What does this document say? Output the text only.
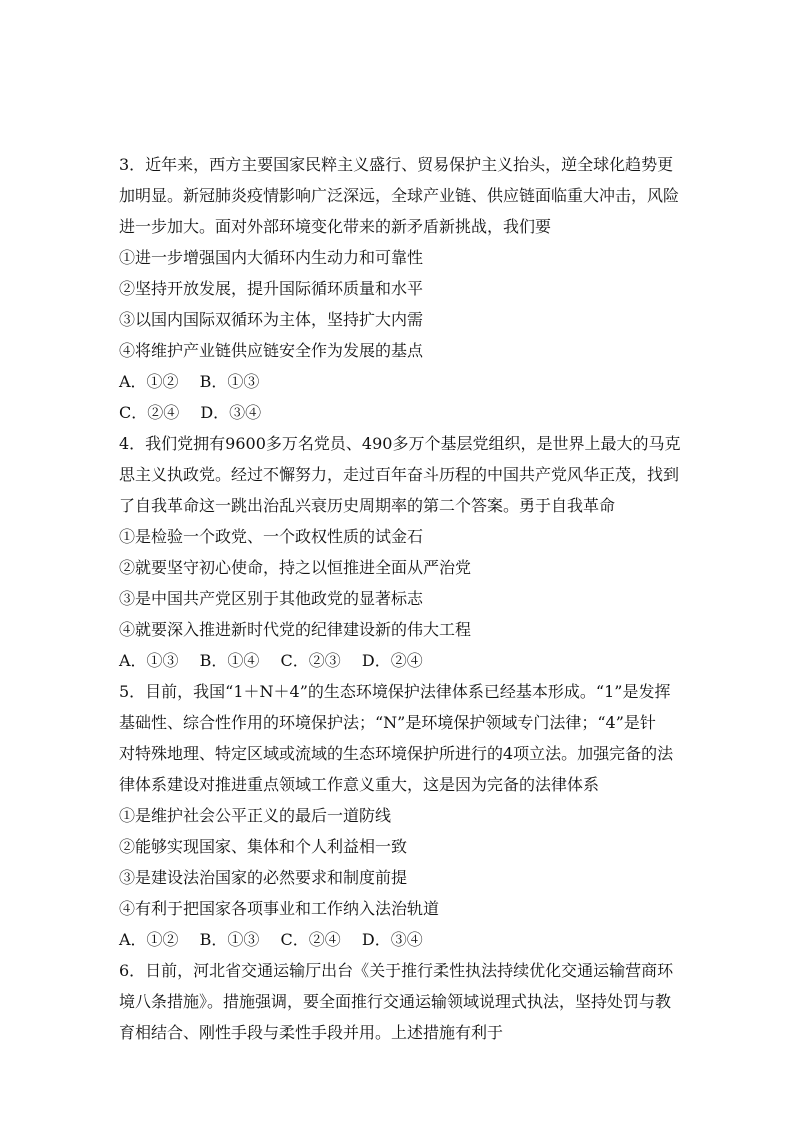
3．近年来，西方主要国家民粹主义盛行、贸易保护主义抬头，逆全球化趋势更
加明显。新冠肺炎疫情影响广泛深远，全球产业链、供应链面临重大冲击，风险
进一步加大。面对外部环境变化带来的新矛盾新挑战，我们要
①进一步增强国内大循环内生动力和可靠性
②坚持开放发展，提升国际循环质量和水平
③以国内国际双循环为主体，坚持扩大内需
④将维护产业链供应链安全作为发展的基点
A．①② B．①③
C．②④ D．③④
4．我们党拥有9600多万名党员、490多万个基层党组织，是世界上最大的马克
思主义执政党。经过不懈努力，走过百年奋斗历程的中国共产党风华正茂，找到
了自我革命这一跳出治乱兴衰历史周期率的第二个答案。勇于自我革命
①是检验一个政党、一个政权性质的试金石
②就要坚守初心使命，持之以恒推进全面从严治党
③是中国共产党区别于其他政党的显著标志
④就要深入推进新时代党的纪律建设新的伟大工程
A．①③ B．①④ C．②③ D．②④
5．目前，我国“1＋N＋4”的生态环境保护法律体系已经基本形成。“1”是发挥
基础性、综合性作用的环境保护法；“N”是环境保护领域专门法律；“4”是针
对特殊地理、特定区域或流域的生态环境保护所进行的4项立法。加强完备的法
律体系建设对推进重点领域工作意义重大，这是因为完备的法律体系
①是维护社会公平正义的最后一道防线
②能够实现国家、集体和个人利益相一致
③是建设法治国家的必然要求和制度前提
④有利于把国家各项事业和工作纳入法治轨道
A．①② B．①③ C．②④ D．③④
6．日前，河北省交通运输厅出台《关于推行柔性执法持续优化交通运输营商环
境八条措施》。措施强调，要全面推行交通运输领域说理式执法，坚持处罚与教
育相结合、刚性手段与柔性手段并用。上述措施有利于
